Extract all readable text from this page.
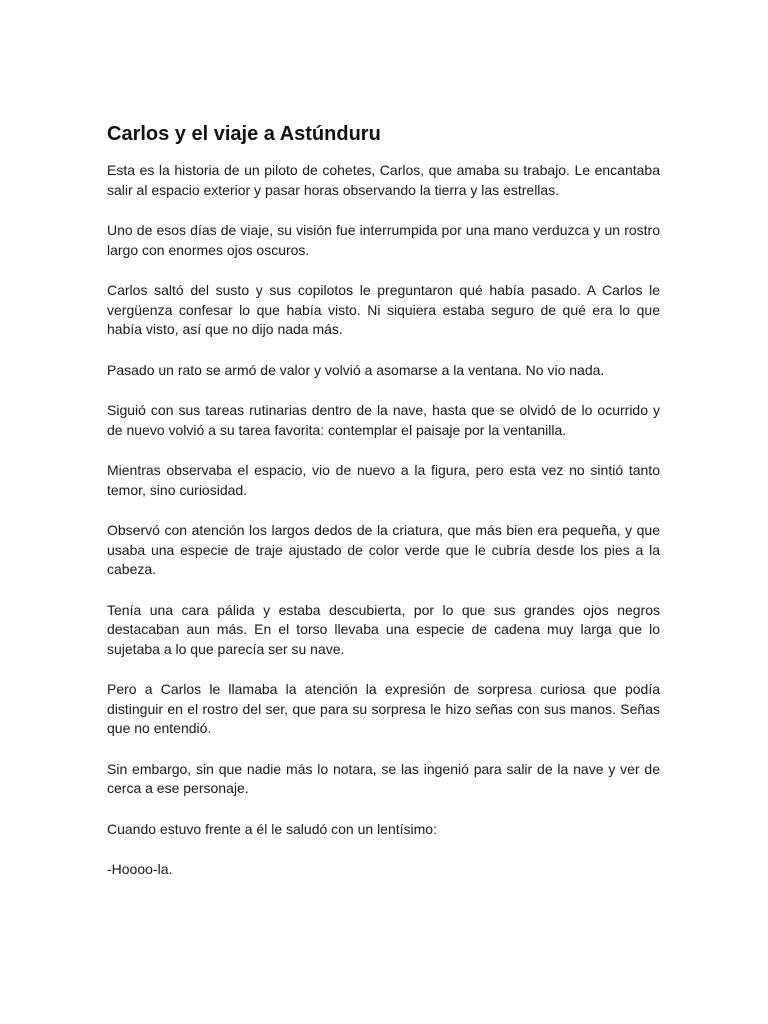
Carlos y el viaje a Astúnduru

Esta es la historia de un piloto de cohetes, Carlos, que amaba su trabajo. Le encantaba salir al espacio exterior y pasar horas observando la tierra y las estrellas.

Uno de esos días de viaje, su visión fue interrumpida por una mano verduzca y un rostro largo con enormes ojos oscuros.

Carlos saltó del susto y sus copilotos le preguntaron qué había pasado. A Carlos le vergüenza confesar lo que había visto. Ni siquiera estaba seguro de qué era lo que había visto, así que no dijo nada más.

Pasado un rato se armó de valor y volvió a asomarse a la ventana. No vio nada.

Siguió con sus tareas rutinarias dentro de la nave, hasta que se olvidó de lo ocurrido y de nuevo volvió a su tarea favorita: contemplar el paisaje por la ventanilla.

Mientras observaba el espacio, vio de nuevo a la figura, pero esta vez no sintió tanto temor, sino curiosidad.

Observó con atención los largos dedos de la criatura, que más bien era pequeña, y que usaba una especie de traje ajustado de color verde que le cubría desde los pies a la cabeza.

Tenía una cara pálida y estaba descubierta, por lo que sus grandes ojos negros destacaban aun más. En el torso llevaba una especie de cadena muy larga que lo sujetaba a lo que parecía ser su nave.

Pero a Carlos le llamaba la atención la expresión de sorpresa curiosa que podía distinguir en el rostro del ser, que para su sorpresa le hizo señas con sus manos. Señas que no entendió.

Sin embargo, sin que nadie más lo notara, se las ingenió para salir de la nave y ver de cerca a ese personaje.

Cuando estuvo frente a él le saludó con un lentísimo:

-Hoooo-la.
